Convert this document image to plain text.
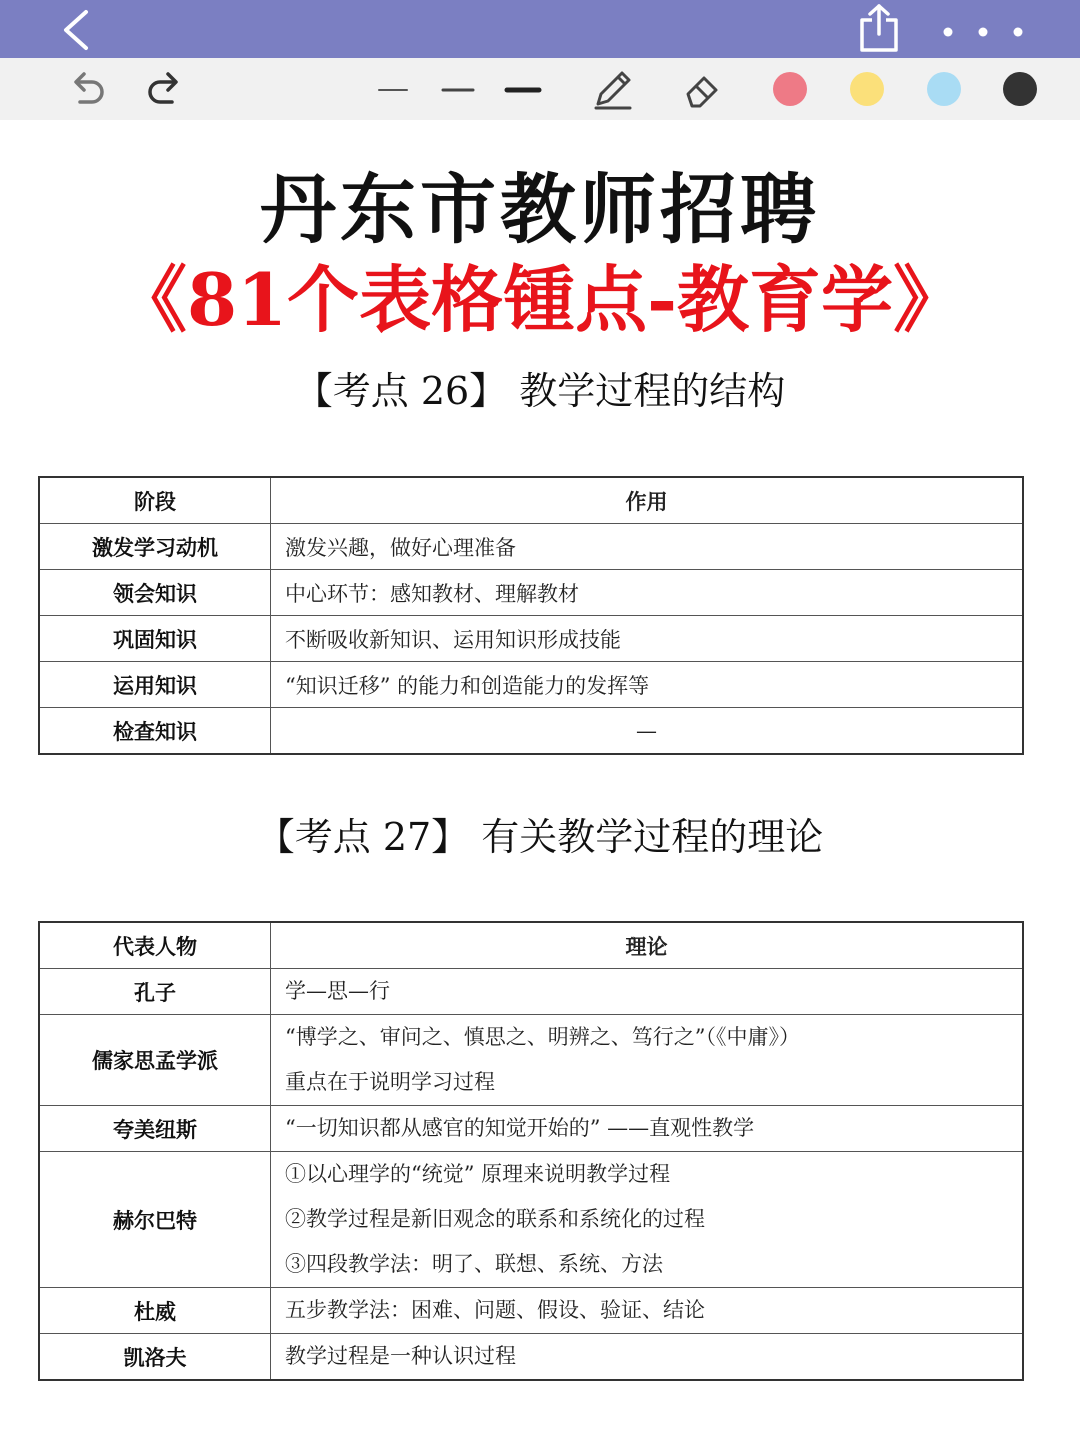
丹东市教师招聘
《81个表格锺点-教育学》
【考点 26】 教学过程的结构
阶段	作用
激发学习动机	激发兴趣，做好心理准备
领会知识	中心环节：感知教材、理解教材
巩固知识	不断吸收新知识、运用知识形成技能
运用知识	“知识迁移” 的能力和创造能力的发挥等
检查知识	—
【考点 27】 有关教学过程的理论
代表人物	理论
孔子	学—思—行

儒家思孟学派	“博学之、审问之、慎思之、明辨之、笃行之”（《中庸》）
重点在于说明学习过程

夸美纽斯	“一切知识都从感官的知觉开始的” ——直观性教学

赫尔巴特	①以心理学的“统觉” 原理来说明教学过程
②教学过程是新旧观念的联系和系统化的过程
③四段教学法：明了、联想、系统、方法

杜威	五步教学法：困难、问题、假设、验证、结论

凯洛夫	教学过程是一种认识过程
